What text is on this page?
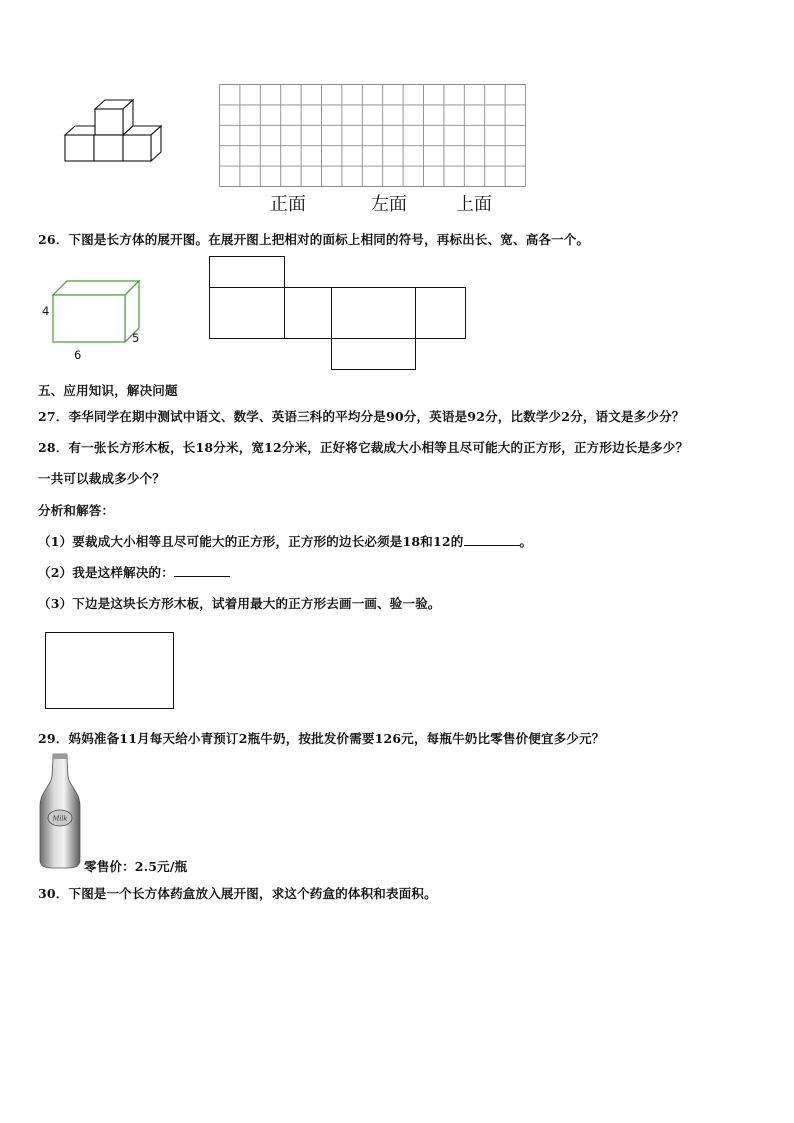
正面	左面	上面
26．下图是长方体的展开图。在展开图上把相对的面标上相同的符号，再标出长、宽、高各一个。
4
6
5
五、应用知识，解决问题
27．李华同学在期中测试中语文、数学、英语三科的平均分是90分，英语是92分，比数学少2分，语文是多少分？
28．有一张长方形木板，长18分米，宽12分米，正好将它裁成大小相等且尽可能大的正方形，正方形边长是多少？
一共可以裁成多少个？
分析和解答：
（1）要裁成大小相等且尽可能大的正方形，正方形的边长必须是18和12的	。
（2）我是这样解决的：
（3）下边是这块长方形木板，试着用最大的正方形去画一画、验一验。
29．妈妈准备11月每天给小青预订2瓶牛奶，按批发价需要126元，每瓶牛奶比零售价便宜多少元？
Milk
零售价：2.5元/瓶
30．下图是一个长方体药盒放入展开图，求这个药盒的体积和表面积。
